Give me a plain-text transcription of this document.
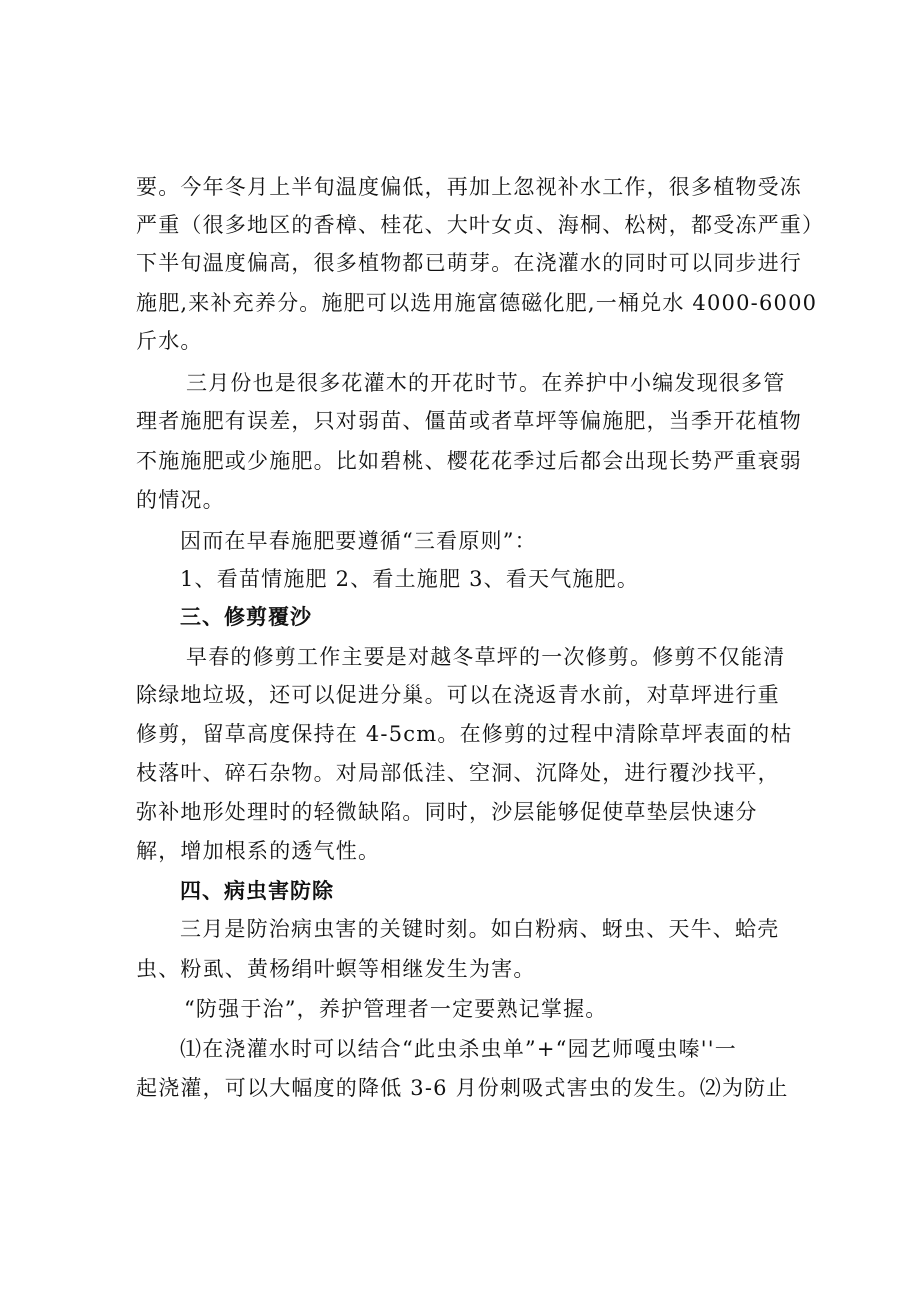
要。今年冬月上半旬温度偏低，再加上忽视补水工作，很多植物受冻
严重（很多地区的香樟、桂花、大叶女贞、海桐、松树，都受冻严重）
下半旬温度偏高，很多植物都已萌芽。在浇灌水的同时可以同步进行
施肥,来补充养分。施肥可以选用施富德磁化肥,一桶兑水 4000-6000
斤水。
三月份也是很多花灌木的开花时节。在养护中小编发现很多管
理者施肥有误差，只对弱苗、僵苗或者草坪等偏施肥，当季开花植物
不施施肥或少施肥。比如碧桃、樱花花季过后都会出现长势严重衰弱
的情况。
因而在早春施肥要遵循“三看原则”：
1、看苗情施肥 2、看土施肥 3、看天气施肥。
三、修剪覆沙
早春的修剪工作主要是对越冬草坪的一次修剪。修剪不仅能清
除绿地垃圾，还可以促进分巢。可以在浇返青水前，对草坪进行重
修剪，留草高度保持在 4-5cm。在修剪的过程中清除草坪表面的枯
枝落叶、碎石杂物。对局部低洼、空洞、沉降处，进行覆沙找平，
弥补地形处理时的轻微缺陷。同时，沙层能够促使草垫层快速分
解，增加根系的透气性。
四、病虫害防除
三月是防治病虫害的关键时刻。如白粉病、蚜虫、天牛、蛤壳
虫、粉虱、黄杨绢叶螟等相继发生为害。
“防强于治”，养护管理者一定要熟记掌握。
⑴在浇灌水时可以结合“此虫杀虫单”+“园艺师嘎虫嗪''一
起浇灌，可以大幅度的降低 3-6 月份刺吸式害虫的发生。⑵为防止
